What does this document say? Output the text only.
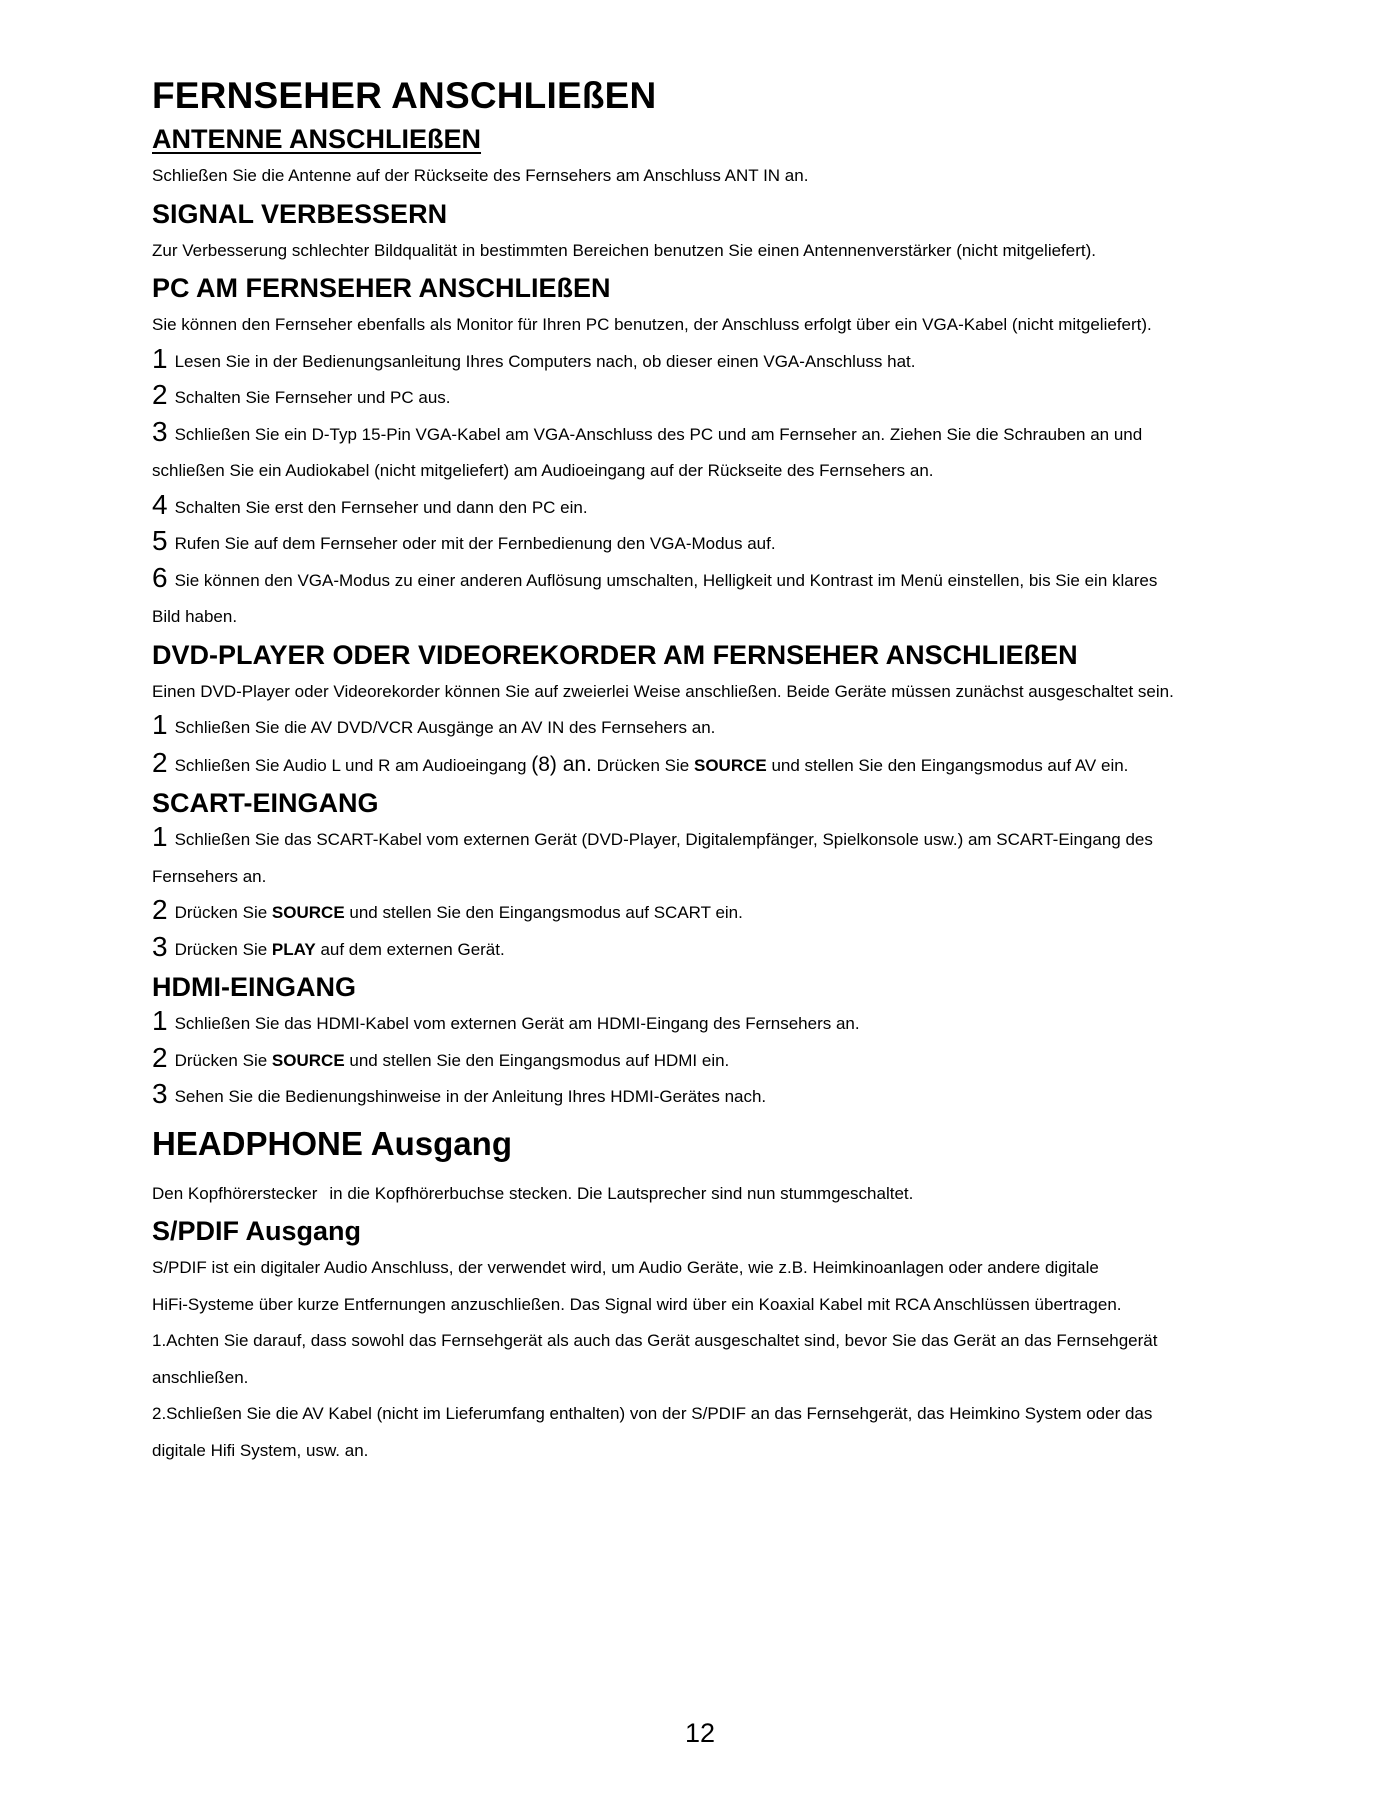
FERNSEHER ANSCHLIEßEN
ANTENNE ANSCHLIEßEN

Schließen Sie die Antenne auf der Rückseite des Fernsehers am Anschluss ANT IN an.

SIGNAL VERBESSERN

Zur Verbesserung schlechter Bildqualität in bestimmten Bereichen benutzen Sie einen Antennenverstärker (nicht mitgeliefert).

PC AM FERNSEHER ANSCHLIEßEN

Sie können den Fernseher ebenfalls als Monitor für Ihren PC benutzen, der Anschluss erfolgt über ein VGA-Kabel (nicht mitgeliefert).

1 Lesen Sie in der Bedienungsanleitung Ihres Computers nach, ob dieser einen VGA-Anschluss hat.

2 Schalten Sie Fernseher und PC aus.

3 Schließen Sie ein D-Typ 15-Pin VGA-Kabel am VGA-Anschluss des PC und am Fernseher an. Ziehen Sie die Schrauben an und

schließen Sie ein Audiokabel (nicht mitgeliefert) am Audioeingang auf der Rückseite des Fernsehers an.

4 Schalten Sie erst den Fernseher und dann den PC ein.

5 Rufen Sie auf dem Fernseher oder mit der Fernbedienung den VGA-Modus auf.

6 Sie können den VGA-Modus zu einer anderen Auflösung umschalten, Helligkeit und Kontrast im Menü einstellen, bis Sie ein klares

Bild haben.

DVD-PLAYER ODER VIDEOREKORDER AM FERNSEHER ANSCHLIEßEN

Einen DVD-Player oder Videorekorder können Sie auf zweierlei Weise anschließen. Beide Geräte müssen zunächst ausgeschaltet sein.

1 Schließen Sie die AV DVD/VCR Ausgänge an AV IN des Fernsehers an.

2 Schließen Sie Audio L und R am Audioeingang (8) an. Drücken Sie SOURCE und stellen Sie den Eingangsmodus auf AV ein.

SCART-EINGANG

1 Schließen Sie das SCART-Kabel vom externen Gerät (DVD-Player, Digitalempfänger, Spielkonsole usw.) am SCART-Eingang des

Fernsehers an.

2 Drücken Sie SOURCE und stellen Sie den Eingangsmodus auf SCART ein.

3 Drücken Sie PLAY auf dem externen Gerät.

HDMI-EINGANG

1 Schließen Sie das HDMI-Kabel vom externen Gerät am HDMI-Eingang des Fernsehers an.

2 Drücken Sie SOURCE und stellen Sie den Eingangsmodus auf HDMI ein.

3 Sehen Sie die Bedienungshinweise in der Anleitung Ihres HDMI-Gerätes nach.

HEADPHONE Ausgang

Den Kopfhörerstecker in die Kopfhörerbuchse stecken. Die Lautsprecher sind nun stummgeschaltet.

S/PDIF Ausgang

S/PDIF ist ein digitaler Audio Anschluss, der verwendet wird, um Audio Geräte, wie z.B. Heimkinoanlagen oder andere digitale

HiFi-Systeme über kurze Entfernungen anzuschließen. Das Signal wird über ein Koaxial Kabel mit RCA Anschlüssen übertragen.

1.Achten Sie darauf, dass sowohl das Fernsehgerät als auch das Gerät ausgeschaltet sind, bevor Sie das Gerät an das Fernsehgerät

anschließen.

2.Schließen Sie die AV Kabel (nicht im Lieferumfang enthalten) von der S/PDIF an das Fernsehgerät, das Heimkino System oder das

digitale Hifi System, usw. an.

12
